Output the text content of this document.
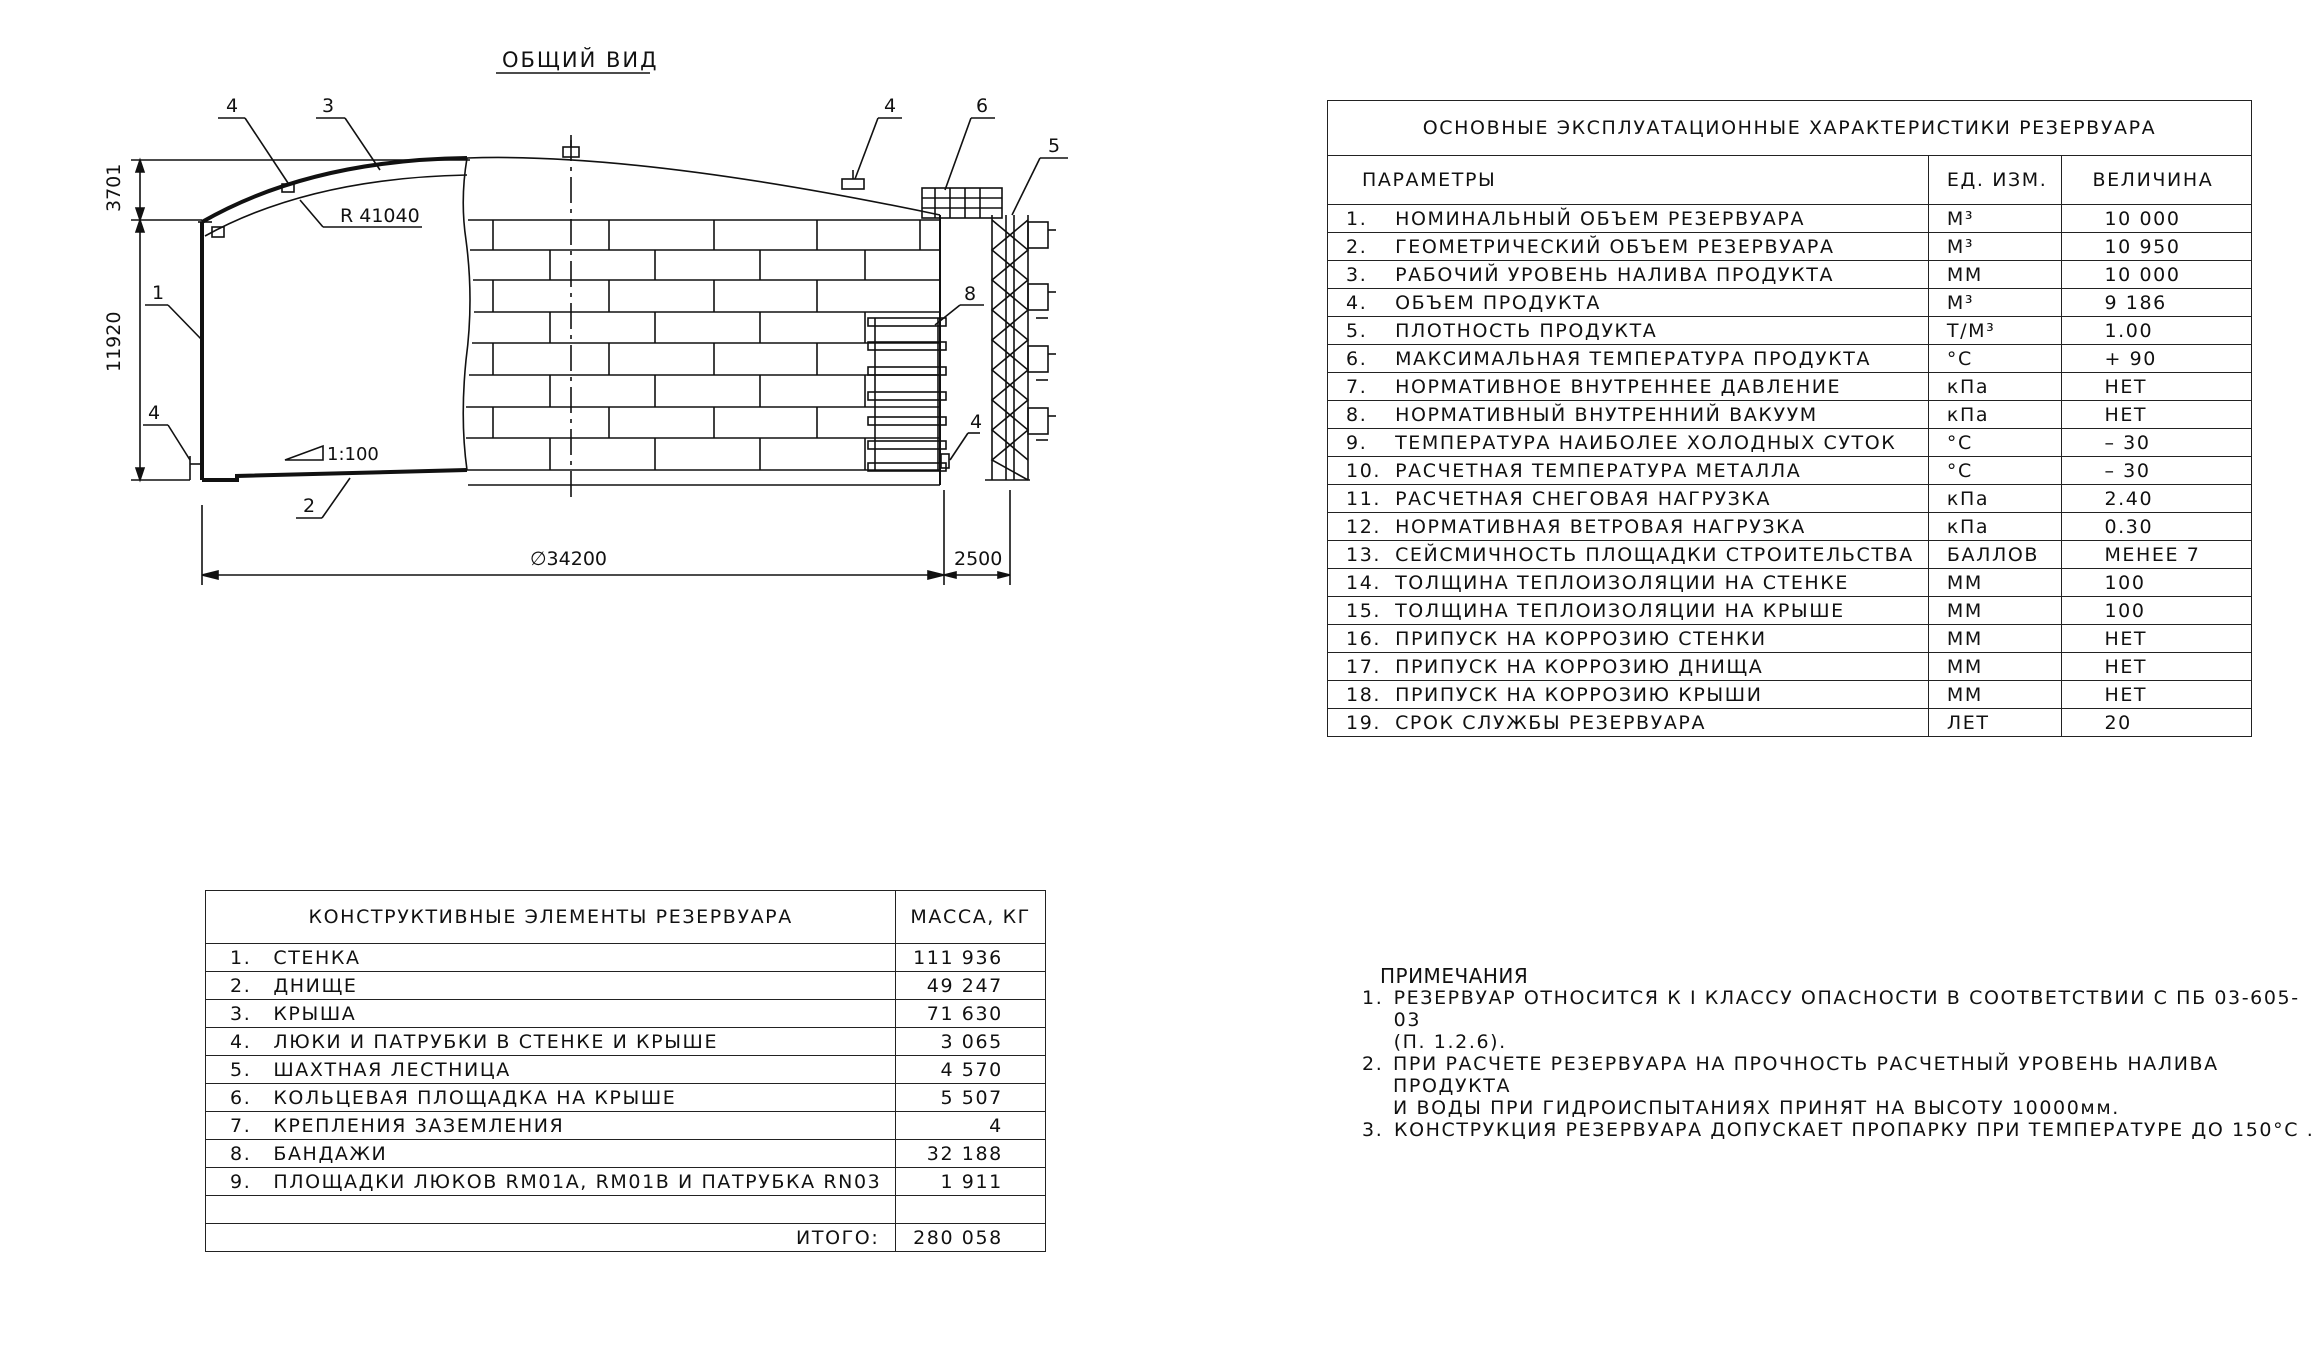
ОБЩИЙ ВИД
∅34200	2500
3701
11920
R 41040
1:100
4	3
1
4
2
4	6
5
8
4
ОСНОВНЫЕ ЭКСПЛУАТАЦИОННЫЕ ХАРАКТЕРИСТИКИ РЕЗЕРВУАРА			
ПАРАМЕТРЫ		ЕД. ИЗМ.	ВЕЛИЧИНА
1.	НОМИНАЛЬНЫЙ ОБЪЕМ РЕЗЕРВУАРА	М³	10 000
2.	ГЕОМЕТРИЧЕСКИЙ ОБЪЕМ РЕЗЕРВУАРА	М³	10 950
3.	РАБОЧИЙ УРОВЕНЬ НАЛИВА ПРОДУКТА	ММ	10 000
4.	ОБЪЕМ ПРОДУКТА	М³	9 186
5.	ПЛОТНОСТЬ ПРОДУКТА	Т/М³	1.00
6.	МАКСИМАЛЬНАЯ ТЕМПЕРАТУРА ПРОДУКТА	°С	+ 90
7.	НОРМАТИВНОЕ ВНУТРЕННЕЕ ДАВЛЕНИЕ	кПа	НЕТ
8.	НОРМАТИВНЫЙ ВНУТРЕННИЙ ВАКУУМ	кПа	НЕТ
9.	ТЕМПЕРАТУРА НАИБОЛЕЕ ХОЛОДНЫХ СУТОК	°С	– 30
10.	РАСЧЕТНАЯ ТЕМПЕРАТУРА МЕТАЛЛА	°С	– 30
11.	РАСЧЕТНАЯ СНЕГОВАЯ НАГРУЗКА	кПа	2.40
12.	НОРМАТИВНАЯ ВЕТРОВАЯ НАГРУЗКА	кПа	0.30
13.	СЕЙСМИЧНОСТЬ ПЛОЩАДКИ СТРОИТЕЛЬСТВА	БАЛЛОВ	МЕНЕЕ 7
14.	ТОЛЩИНА ТЕПЛОИЗОЛЯЦИИ НА СТЕНКЕ	ММ	100
15.	ТОЛЩИНА ТЕПЛОИЗОЛЯЦИИ НА КРЫШЕ	ММ	100
16.	ПРИПУСК НА КОРРОЗИЮ СТЕНКИ	ММ	НЕТ
17.	ПРИПУСК НА КОРРОЗИЮ ДНИЩА	ММ	НЕТ
18.	ПРИПУСК НА КОРРОЗИЮ КРЫШИ	ММ	НЕТ
19.	СРОК СЛУЖБЫ РЕЗЕРВУАРА	ЛЕТ	20
КОНСТРУКТИВНЫЕ ЭЛЕМЕНТЫ РЕЗЕРВУАРА		МАССА, КГ
1.	СТЕНКА	111 936
2.	ДНИЩЕ	49 247
3.	КРЫША	71 630
4.	ЛЮКИ И ПАТРУБКИ В СТЕНКЕ И КРЫШЕ	3 065
5.	ШАХТНАЯ ЛЕСТНИЦА	4 570
6.	КОЛЬЦЕВАЯ ПЛОЩАДКА НА КРЫШЕ	5 507
7.	КРЕПЛЕНИЯ ЗАЗЕМЛЕНИЯ	4
8.	БАНДАЖИ	32 188
9.	ПЛОЩАДКИ ЛЮКОВ RM01A, RM01B И ПАТРУБКА RN03	1 911

ИТОГО:		280 058
ПРИМЕЧАНИЯ
1. РЕЗЕРВУАР ОТНОСИТСЯ К I КЛАССУ ОПАСНОСТИ В СООТВЕТСТВИИ С ПБ 03-605-03
(П. 1.2.6).
2. ПРИ РАСЧЕТЕ РЕЗЕРВУАРА НА ПРОЧНОСТЬ РАСЧЕТНЫЙ УРОВЕНЬ НАЛИВА ПРОДУКТА
И ВОДЫ ПРИ ГИДРОИСПЫТАНИЯХ ПРИНЯТ НА ВЫСОТУ 10000мм.
3. КОНСТРУКЦИЯ РЕЗЕРВУАРА ДОПУСКАЕТ ПРОПАРКУ ПРИ ТЕМПЕРАТУРЕ ДО 150°С .
